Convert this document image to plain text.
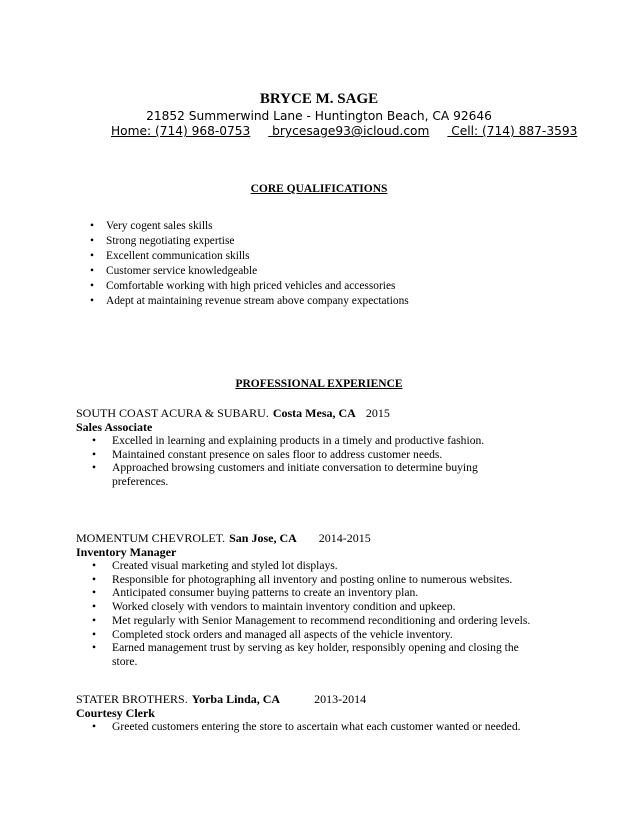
BRYCE M. SAGE
21852 Summerwind Lane - Huntington Beach, CA 92646
Home: (714) 968-0753 brycesage93@icloud.com Cell: (714) 887-3593
CORE QUALIFICATIONS
• Very cogent sales skills
• Strong negotiating expertise
• Excellent communication skills
• Customer service knowledgeable
• Comfortable working with high priced vehicles and accessories
• Adept at maintaining revenue stream above company expectations
PROFESSIONAL EXPERIENCE
SOUTH COAST ACURA & SUBARU. Costa Mesa, CA 2015
Sales Associate
• Excelled in learning and explaining products in a timely and productive fashion.
• Maintained constant presence on sales floor to address customer needs.
• Approached browsing customers and initiate conversation to determine buying
preferences.
MOMENTUM CHEVROLET. San Jose, CA 2014-2015
Inventory Manager
• Created visual marketing and styled lot displays.
• Responsible for photographing all inventory and posting online to numerous websites.
• Anticipated consumer buying patterns to create an inventory plan.
• Worked closely with vendors to maintain inventory condition and upkeep.
• Met regularly with Senior Management to recommend reconditioning and ordering levels.
• Completed stock orders and managed all aspects of the vehicle inventory.
• Earned management trust by serving as key holder, responsibly opening and closing the
store.
STATER BROTHERS. Yorba Linda, CA	2013-2014
Courtesy Clerk
• Greeted customers entering the store to ascertain what each customer wanted or needed.
